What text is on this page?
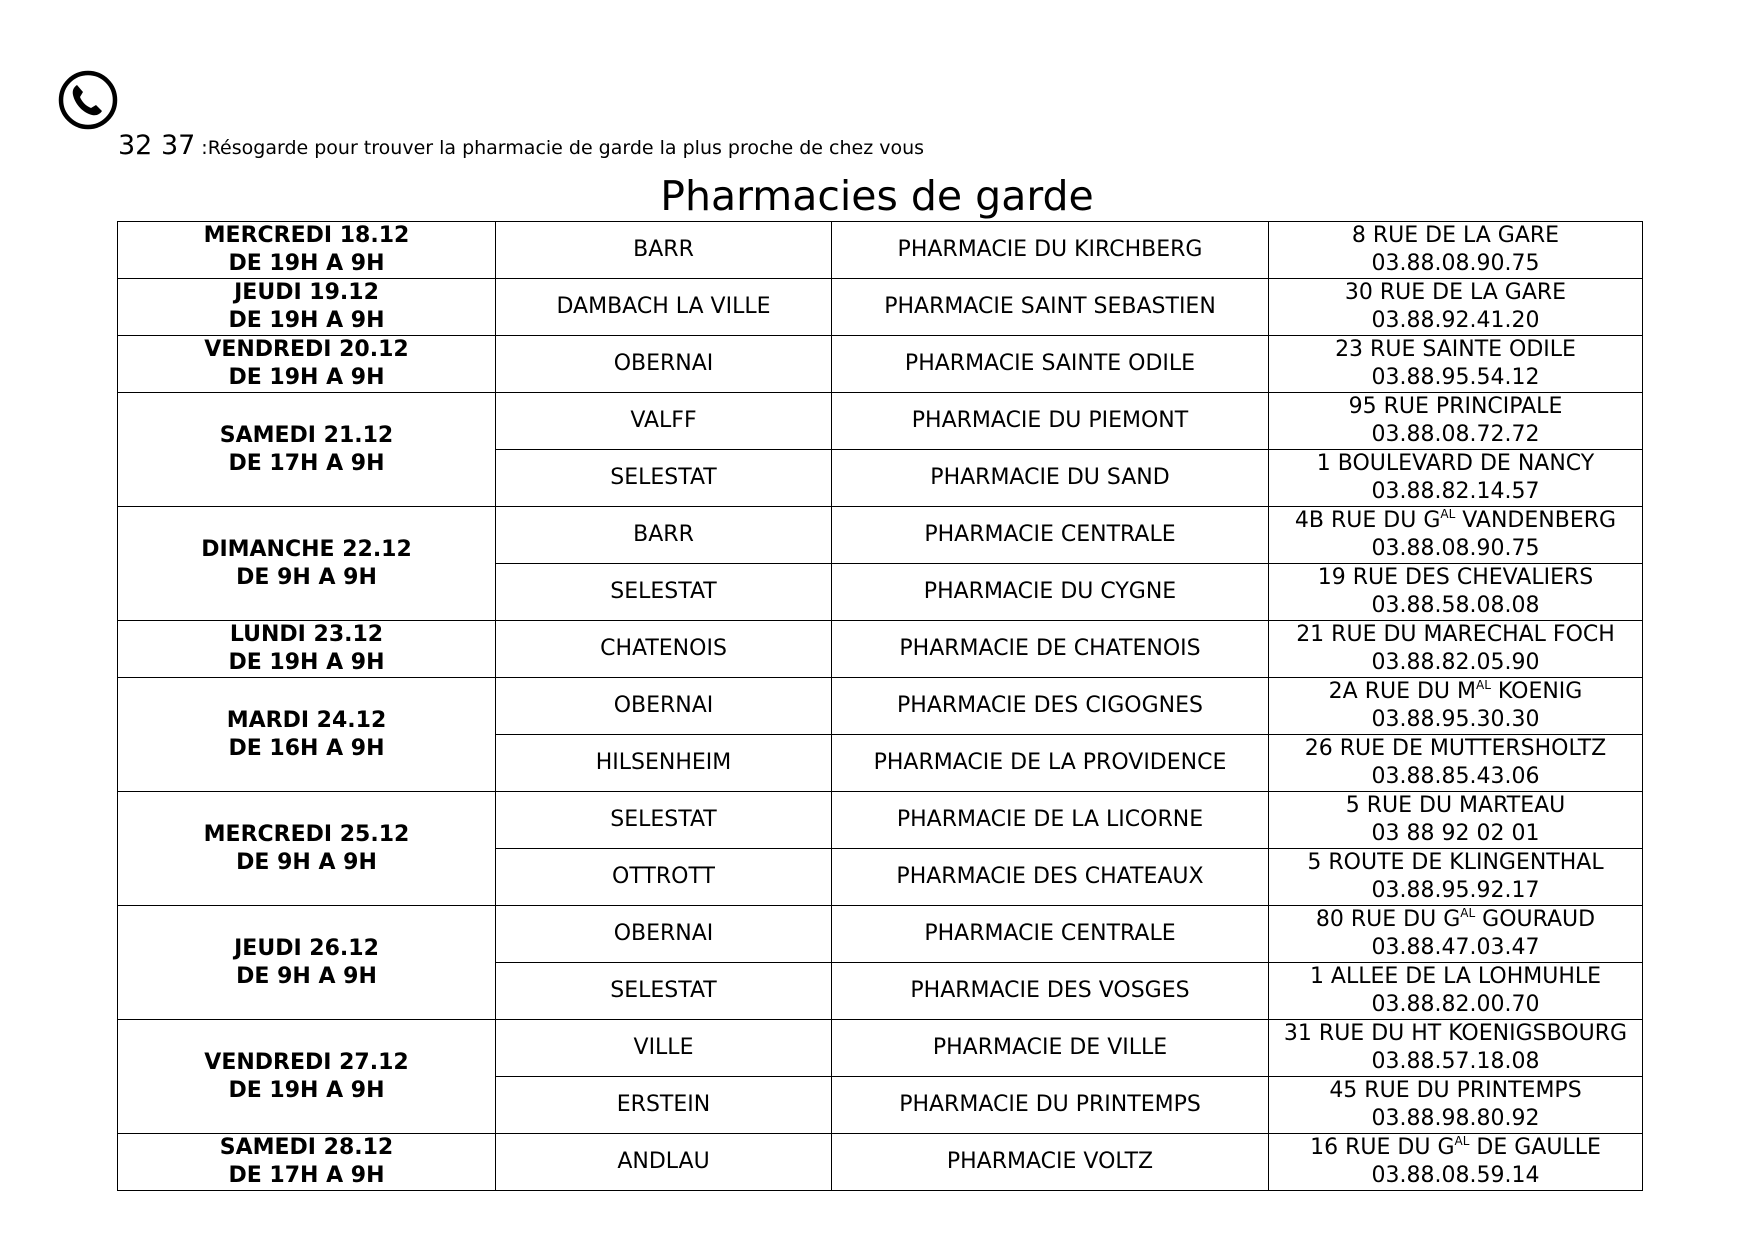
32 37 :Résogarde pour trouver la pharmacie de garde la plus proche de chez vous
Pharmacies de garde
MERCREDI 18.12
DE 19H A 9H	BARR	PHARMACIE DU KIRCHBERG	8 RUE DE LA GARE
03.88.08.90.75

JEUDI 19.12
DE 19H A 9H	DAMBACH LA VILLE	PHARMACIE SAINT SEBASTIEN	30 RUE DE LA GARE
03.88.92.41.20

VENDREDI 20.12
DE 19H A 9H	OBERNAI	PHARMACIE SAINTE ODILE	23 RUE SAINTE ODILE
03.88.95.54.12

SAMEDI 21.12
DE 17H A 9H	VALFF	PHARMACIE DU PIEMONT	95 RUE PRINCIPALE
03.88.08.72.72

	SELESTAT	PHARMACIE DU SAND	1 BOULEVARD DE NANCY
03.88.82.14.57

DIMANCHE 22.12
DE 9H A 9H	BARR	PHARMACIE CENTRALE	4B RUE DU $G^{AL}$ VANDENBERG
03.88.08.90.75

	SELESTAT	PHARMACIE DU CYGNE	19 RUE DES CHEVALIERS
03.88.58.08.08

LUNDI 23.12
DE 19H A 9H	CHATENOIS	PHARMACIE DE CHATENOIS	21 RUE DU MARECHAL FOCH
03.88.82.05.90

MARDI 24.12
DE 16H A 9H	OBERNAI	PHARMACIE DES CIGOGNES	2A RUE DU $M^{AL}$ KOENIG
03.88.95.30.30

	HILSENHEIM	PHARMACIE DE LA PROVIDENCE	26 RUE DE MUTTERSHOLTZ
03.88.85.43.06

MERCREDI 25.12
DE 9H A 9H	SELESTAT	PHARMACIE DE LA LICORNE	5 RUE DU MARTEAU
03 88 92 02 01

	OTTROTT	PHARMACIE DES CHATEAUX	5 ROUTE DE KLINGENTHAL
03.88.95.92.17

JEUDI 26.12
DE 9H A 9H	OBERNAI	PHARMACIE CENTRALE	80 RUE DU $G^{AL}$ GOURAUD
03.88.47.03.47

	SELESTAT	PHARMACIE DES VOSGES	1 ALLEE DE LA LOHMUHLE
03.88.82.00.70

VENDREDI 27.12
DE 19H A 9H	VILLE	PHARMACIE DE VILLE	31 RUE DU HT KOENIGSBOURG
03.88.57.18.08

	ERSTEIN	PHARMACIE DU PRINTEMPS	45 RUE DU PRINTEMPS
03.88.98.80.92

SAMEDI 28.12
DE 17H A 9H	ANDLAU	PHARMACIE VOLTZ	16 RUE DU $G^{AL}$ DE GAULLE
03.88.08.59.14
